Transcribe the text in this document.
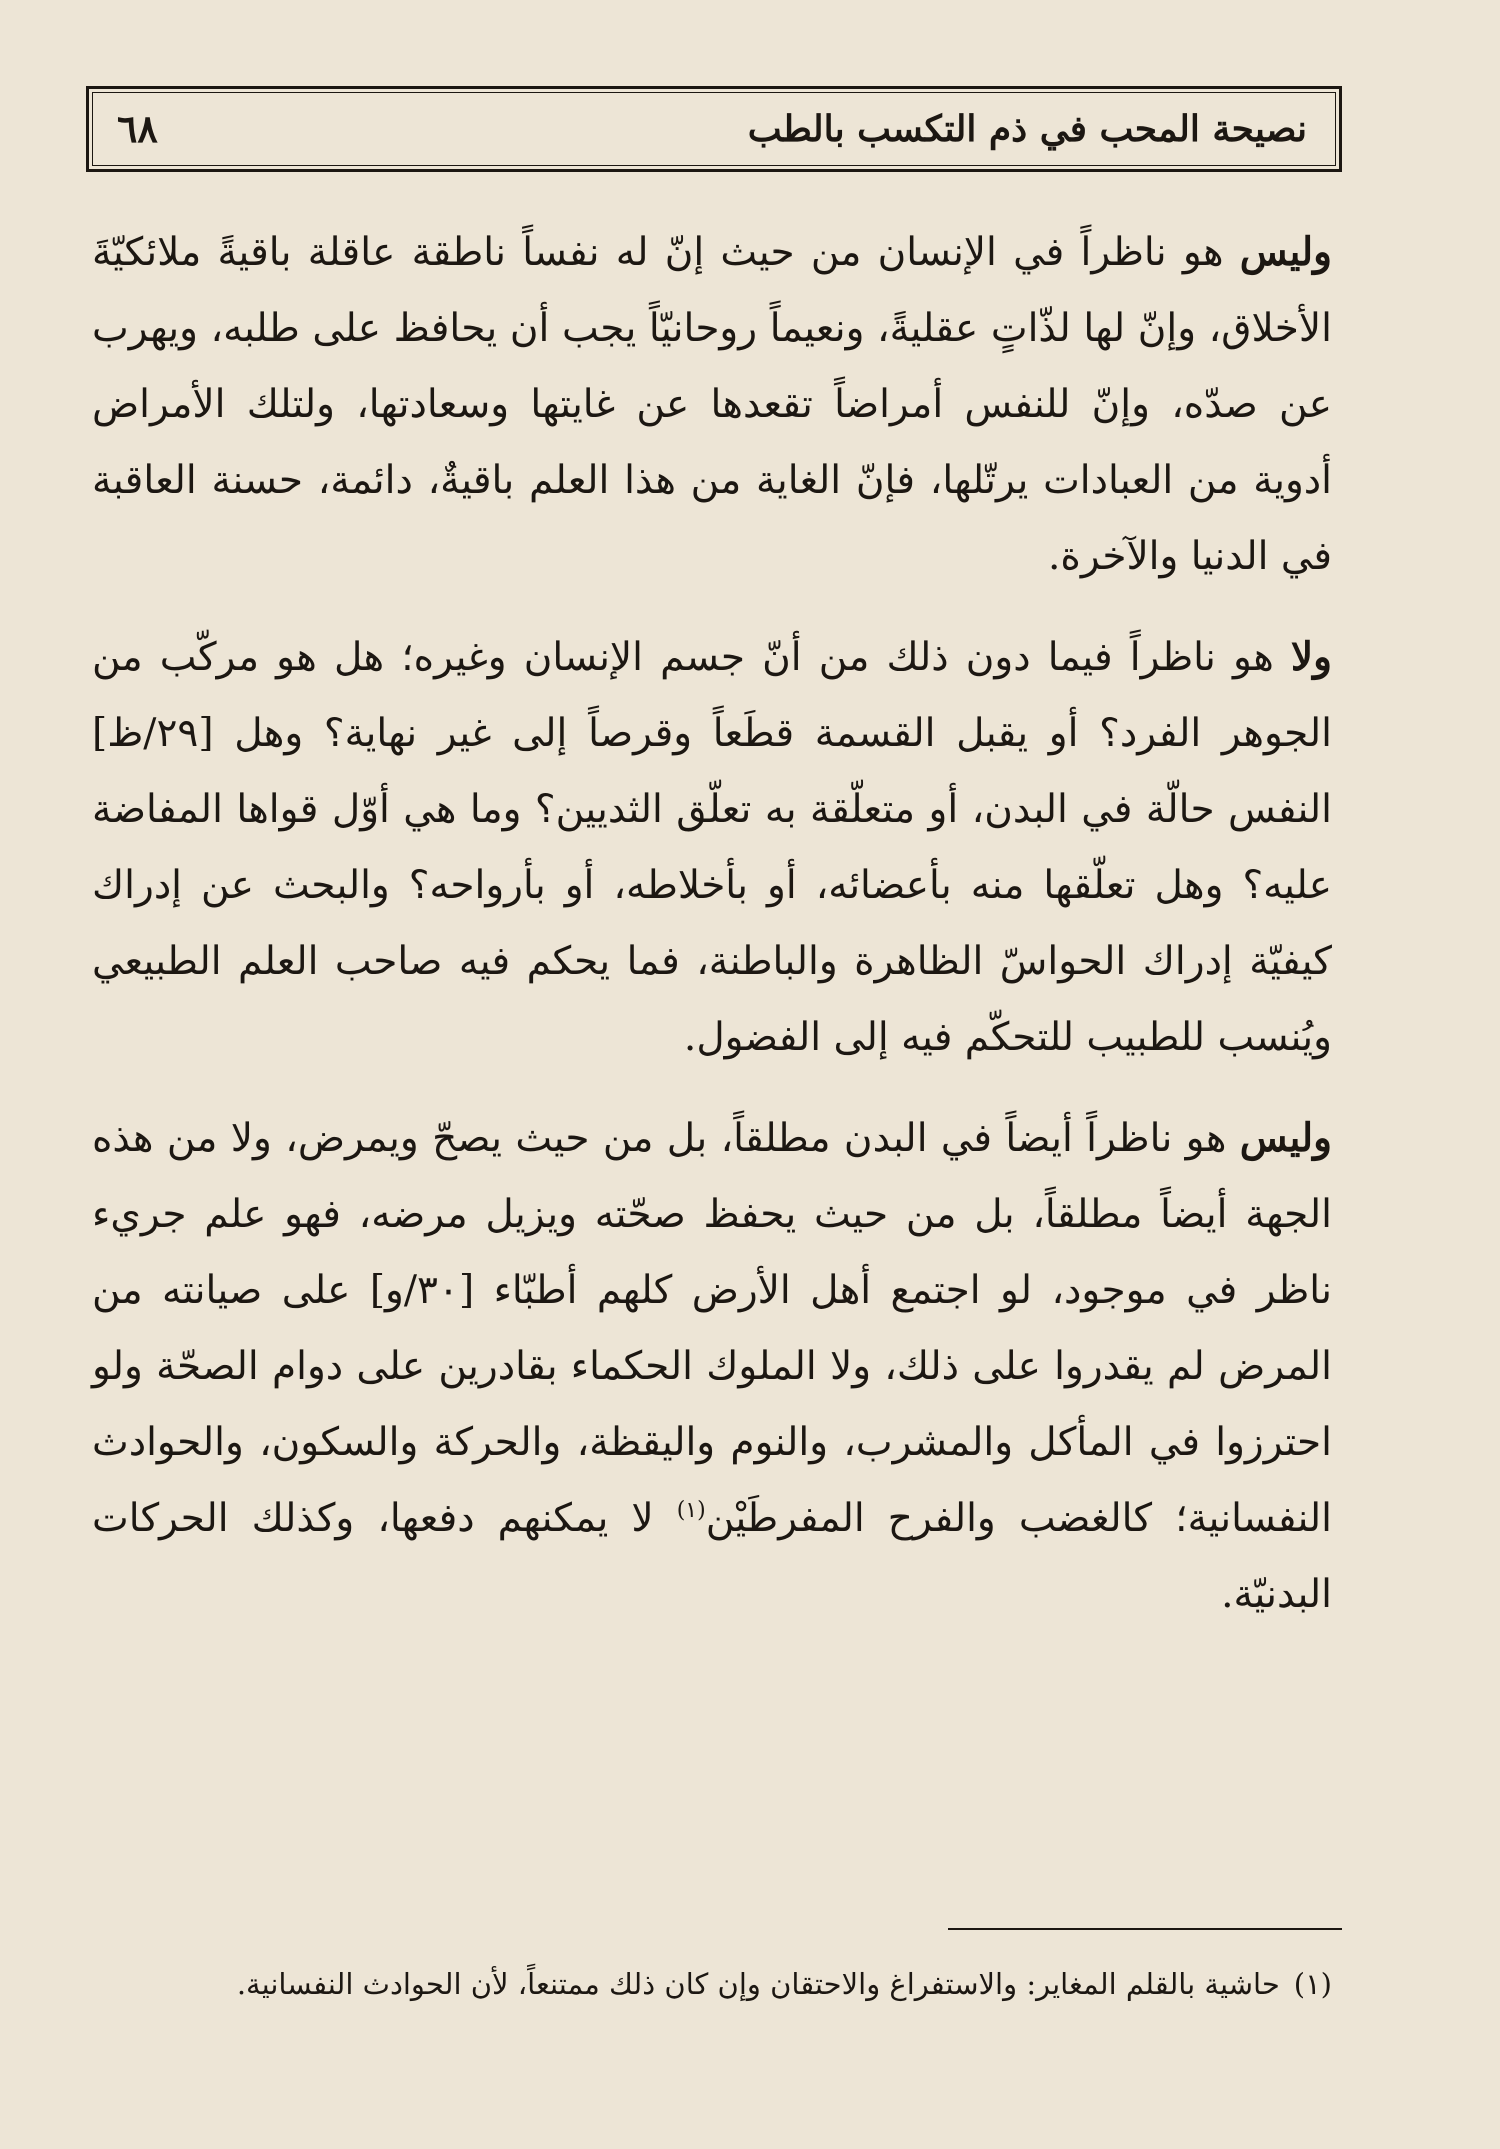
نصيحة المحب في ذم التكسب بالطب
٦٨

وليس هو ناظراً في الإنسان من حيث إنّ له نفساً ناطقة عاقلة باقيةً ملائكيّةَ الأخلاق، وإنّ لها لذّاتٍ عقليةً، ونعيماً روحانيّاً يجب أن يحافظ على طلبه، ويهرب عن صدّه، وإنّ للنفس أمراضاً تقعدها عن غايتها وسعادتها، ولتلك الأمراض أدوية من العبادات يرتّلها، فإنّ الغاية من هذا العلم باقيةٌ، دائمة، حسنة العاقبة في الدنيا والآخرة.

ولا هو ناظراً فيما دون ذلك من أنّ جسم الإنسان وغيره؛ هل هو مركّب من الجوهر الفرد؟ أو يقبل القسمة قطَعاً وقرصاً إلى غير نهاية؟ وهل [٢٩/ظ] النفس حالّة في البدن، أو متعلّقة به تعلّق الثديين؟ وما هي أوّل قواها المفاضة عليه؟ وهل تعلّقها منه بأعضائه، أو بأخلاطه، أو بأرواحه؟ والبحث عن إدراك كيفيّة إدراك الحواسّ الظاهرة والباطنة، فما يحكم فيه صاحب العلم الطبيعي ويُنسب للطبيب للتحكّم فيه إلى الفضول.

وليس هو ناظراً أيضاً في البدن مطلقاً، بل من حيث يصحّ ويمرض، ولا من هذه الجهة أيضاً مطلقاً، بل من حيث يحفظ صحّته ويزيل مرضه، فهو علم جريء ناظر في موجود، لو اجتمع أهل الأرض كلهم أطبّاء [٣٠/و] على صيانته من المرض لم يقدروا على ذلك، ولا الملوك الحكماء بقادرين على دوام الصحّة ولو احترزوا في المأكل والمشرب، والنوم واليقظة، والحركة والسكون، والحوادث النفسانية؛ كالغضب والفرح المفرطَيْن$^{(١)}$ لا يمكنهم دفعها، وكذلك الحركات البدنيّة.

(١)حاشية بالقلم المغاير: والاستفراغ والاحتقان وإن كان ذلك ممتنعاً، لأن الحوادث النفسانية.
